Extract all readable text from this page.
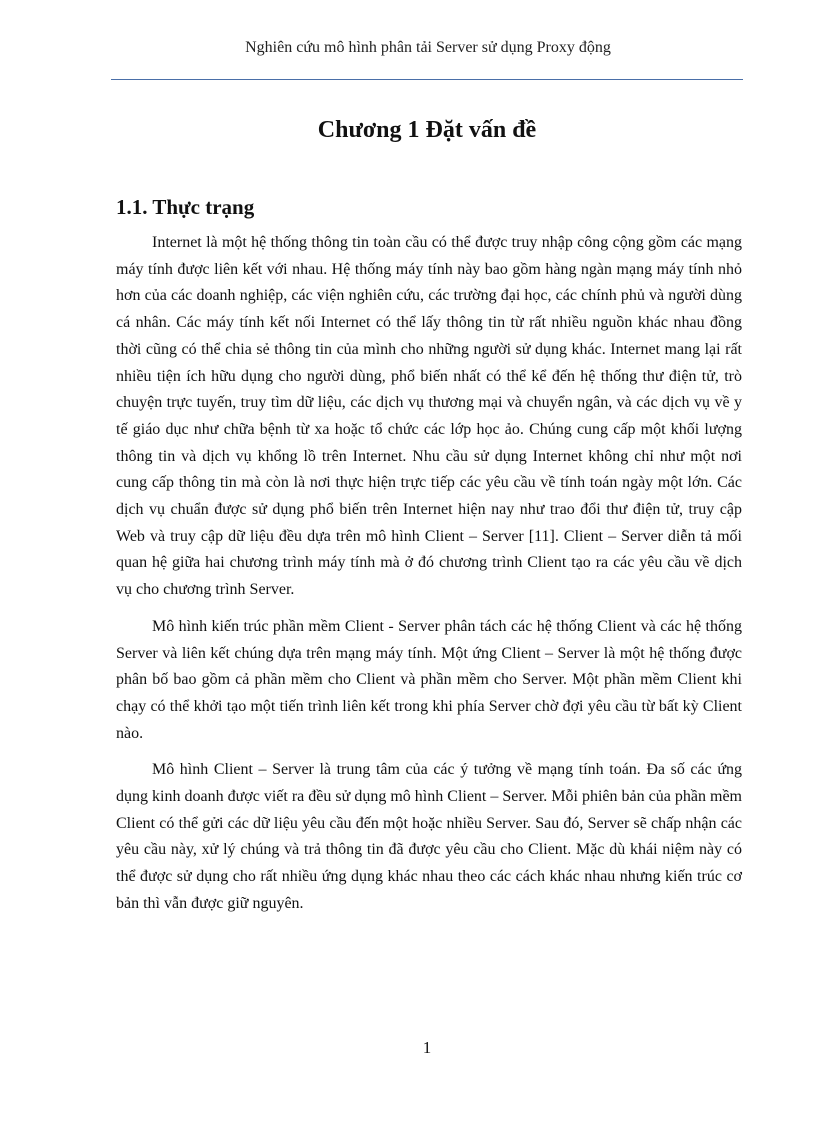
Nghiên cứu mô hình phân tải Server sử dụng Proxy động
Chương 1 Đặt vấn đề
1.1. Thực trạng

Internet là một hệ thống thông tin toàn cầu có thể được truy nhập công cộng gồm các mạng máy tính được liên kết với nhau. Hệ thống máy tính này bao gồm hàng ngàn mạng máy tính nhỏ hơn của các doanh nghiệp, các viện nghiên cứu, các trường đại học, các chính phủ và người dùng cá nhân. Các máy tính kết nối Internet có thể lấy thông tin từ rất nhiều nguồn khác nhau đồng thời cũng có thể chia sẻ thông tin của mình cho những người sử dụng khác. Internet mang lại rất nhiều tiện ích hữu dụng cho người dùng, phổ biến nhất có thể kể đến hệ thống thư điện tử, trò chuyện trực tuyến, truy tìm dữ liệu, các dịch vụ thương mại và chuyển ngân, và các dịch vụ về y tế giáo dục như chữa bệnh từ xa hoặc tổ chức các lớp học ảo. Chúng cung cấp một khối lượng thông tin và dịch vụ khổng lồ trên Internet. Nhu cầu sử dụng Internet không chỉ như một nơi cung cấp thông tin mà còn là nơi thực hiện trực tiếp các yêu cầu về tính toán ngày một lớn. Các dịch vụ chuẩn được sử dụng phổ biến trên Internet hiện nay như trao đổi thư điện tử, truy cập Web và truy cập dữ liệu đều dựa trên mô hình Client – Server [11]. Client – Server diễn tả mối quan hệ giữa hai chương trình máy tính mà ở đó chương trình Client tạo ra các yêu cầu về dịch vụ cho chương trình Server.

Mô hình kiến trúc phần mềm Client - Server phân tách các hệ thống Client và các hệ thống Server và liên kết chúng dựa trên mạng máy tính. Một ứng Client – Server là một hệ thống được phân bố bao gồm cả phần mềm cho Client và phần mềm cho Server. Một phần mềm Client khi chạy có thể khởi tạo một tiến trình liên kết trong khi phía Server chờ đợi yêu cầu từ bất kỳ Client nào.

Mô hình Client – Server là trung tâm của các ý tưởng về mạng tính toán. Đa số các ứng dụng kinh doanh được viết ra đều sử dụng mô hình Client – Server. Mỗi phiên bản của phần mềm Client có thể gửi các dữ liệu yêu cầu đến một hoặc nhiều Server. Sau đó, Server sẽ chấp nhận các yêu cầu này, xử lý chúng và trả thông tin đã được yêu cầu cho Client. Mặc dù khái niệm này có thể được sử dụng cho rất nhiều ứng dụng khác nhau theo các cách khác nhau nhưng kiến trúc cơ bản thì vẫn được giữ nguyên.

1
